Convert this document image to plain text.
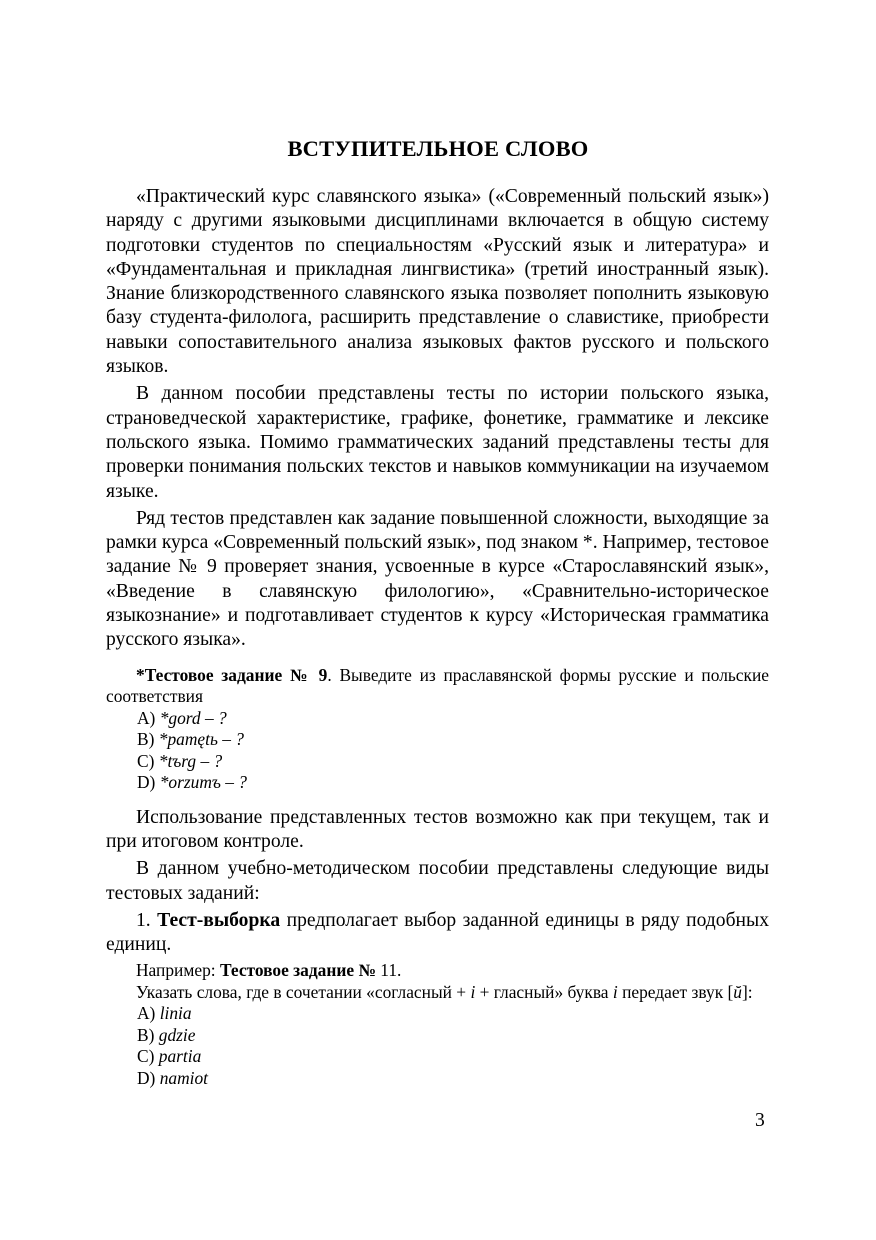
ВСТУПИТЕЛЬНОЕ СЛОВО

«Практический курс славянского языка» («Современный польский язык») наряду с другими языковыми дисциплинами включается в общую систему подготовки студентов по специальностям «Русский язык и литература» и «Фундаментальная и прикладная лингвистика» (третий иностранный язык). Знание близкородственного славянского языка позволяет пополнить языковую базу студента-филолога, расширить представление о славистике, приобрести навыки сопоставительного анализа языковых фактов русского и польского языков.

В данном пособии представлены тесты по истории польского языка, страноведческой характеристике, графике, фонетике, грамматике и лексике польского языка. Помимо грамматических заданий представлены тесты для проверки понимания польских текстов и навыков коммуникации на изучаемом языке.

Ряд тестов представлен как задание повышенной сложности, выходящие за рамки курса «Современный польский язык», под знаком *. Например, тестовое задание № 9 проверяет знания, усвоенные в курсе «Старославянский язык», «Введение в славянскую филологию», «Сравнительно-историческое языкознание» и подготавливает студентов к курсу «Историческая грамматика русского языка».

*Тестовое задание № 9. Выведите из праславянской формы русские и польские соответствия

А) *gord – ?

В) *pamętь – ?

С) *tъrg – ?

D) *orzumъ – ?

Использование представленных тестов возможно как при текущем, так и при итоговом контроле.

В данном учебно-методическом пособии представлены следующие виды тестовых заданий:

1. Тест-выборка предполагает выбор заданной единицы в ряду подобных единиц.

Например: Тестовое задание № 11.

Указать слова, где в сочетании «согласный + i + гласный» буква i передает звук [ŭ]:

А) linia

В) gdzie

С) partia

D) namiot

3
